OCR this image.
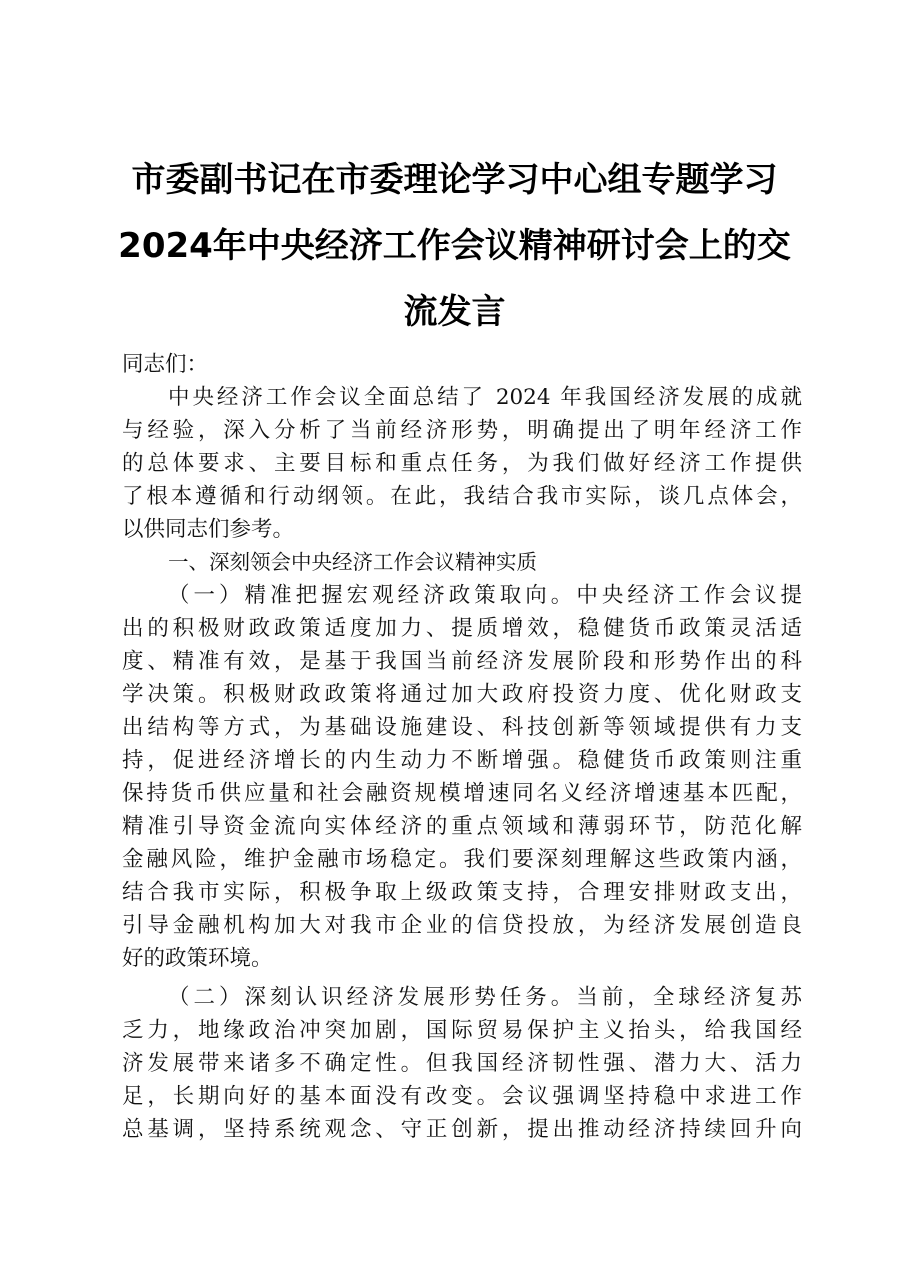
市委副书记在市委理论学习中心组专题学习
2024年中央经济工作会议精神研讨会上的交
流发言

同志们：

中央经济工作会议全面总结了 2024 年我国经济发展的成就

与经验，深入分析了当前经济形势，明确提出了明年经济工作

的总体要求、主要目标和重点任务，为我们做好经济工作提供

了根本遵循和行动纲领。在此，我结合我市实际，谈几点体会，

以供同志们参考。

一、深刻领会中央经济工作会议精神实质

（一）精准把握宏观经济政策取向。中央经济工作会议提

出的积极财政政策适度加力、提质增效，稳健货币政策灵活适

度、精准有效，是基于我国当前经济发展阶段和形势作出的科

学决策。积极财政政策将通过加大政府投资力度、优化财政支

出结构等方式，为基础设施建设、科技创新等领域提供有力支

持，促进经济增长的内生动力不断增强。稳健货币政策则注重

保持货币供应量和社会融资规模增速同名义经济增速基本匹配，

精准引导资金流向实体经济的重点领域和薄弱环节，防范化解

金融风险，维护金融市场稳定。我们要深刻理解这些政策内涵，

结合我市实际，积极争取上级政策支持，合理安排财政支出，

引导金融机构加大对我市企业的信贷投放，为经济发展创造良

好的政策环境。

（二）深刻认识经济发展形势任务。当前，全球经济复苏

乏力，地缘政治冲突加剧，国际贸易保护主义抬头，给我国经

济发展带来诸多不确定性。但我国经济韧性强、潜力大、活力

足，长期向好的基本面没有改变。会议强调坚持稳中求进工作

总基调，坚持系统观念、守正创新，提出推动经济持续回升向
